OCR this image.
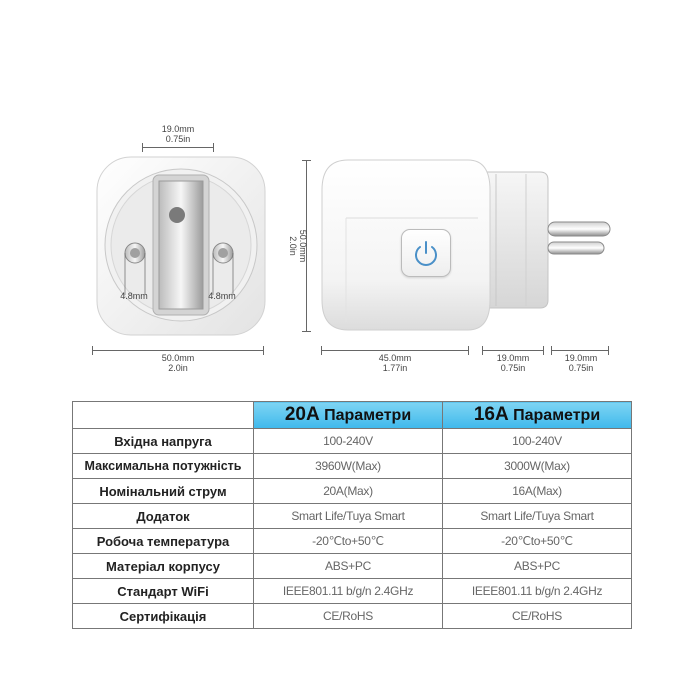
19.0mm
0.75in
4.8mm	4.8mm
50.0mm
2.0in
50.0mm
2.0in
45.0mm
1.77in
19.0mm
0.75in
19.0mm
0.75in
	20A Параметри	16A Параметри
Вхідна напруга	100-240V	100-240V
Максимальна потужність	3960W(Max)	3000W(Max)
Номінальний струм	20A(Max)	16A(Max)
Додаток	Smart Life/Tuya Smart	Smart Life/Tuya Smart
Робоча температура	-20℃to+50℃	-20℃to+50℃
Матеріал корпусу	ABS+PC	ABS+PC
Стандарт WiFi	IEEE801.11 b/g/n 2.4GHz	IEEE801.11 b/g/n 2.4GHz
Сертифікація	CE/RoHS	CE/RoHS
